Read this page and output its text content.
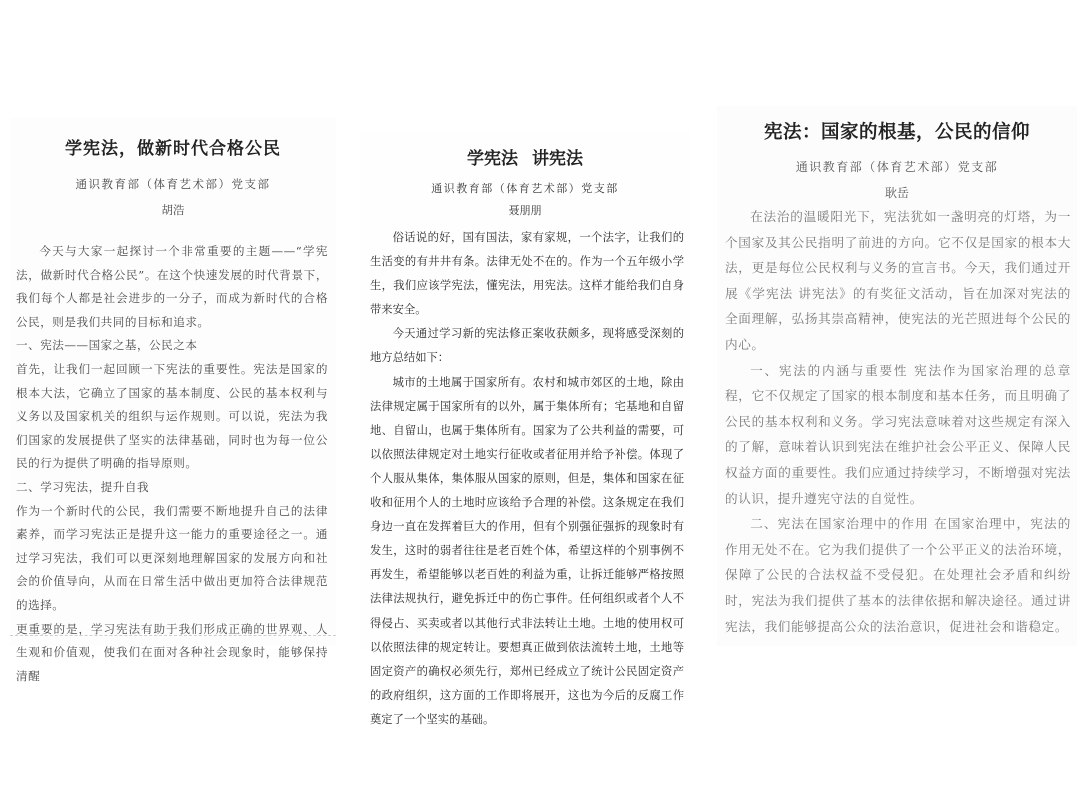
学宪法，做新时代合格公民
通识教育部（体育艺术部）党支部
胡浩

今天与大家一起探讨一个非常重要的主题——“学宪法，做新时代合格公民”。在这个快速发展的时代背景下，我们每个人都是社会进步的一分子，而成为新时代的合格公民，则是我们共同的目标和追求。

一、宪法——国家之基，公民之本

首先，让我们一起回顾一下宪法的重要性。宪法是国家的根本大法，它确立了国家的基本制度、公民的基本权利与义务以及国家机关的组织与运作规则。可以说，宪法为我们国家的发展提供了坚实的法律基础，同时也为每一位公民的行为提供了明确的指导原则。

二、学习宪法，提升自我

作为一个新时代的公民，我们需要不断地提升自己的法律素养，而学习宪法正是提升这一能力的重要途径之一。通过学习宪法，我们可以更深刻地理解国家的发展方向和社会的价值导向，从而在日常生活中做出更加符合法律规范的选择。

更重要的是，学习宪法有助于我们形成正确的世界观、人生观和价值观，使我们在面对各种社会现象时，能够保持清醒

学宪法 讲宪法
通识教育部（体育艺术部）党支部
聂朋朋

俗话说的好，国有国法，家有家规，一个法字，让我们的生活变的有井井有条。法律无处不在的。作为一个五年级小学生，我们应该学宪法，懂宪法，用宪法。这样才能给我们自身带来安全。

今天通过学习新的宪法修正案收获颇多，现将感受深刻的地方总结如下：

城市的土地属于国家所有。农村和城市郊区的土地，除由法律规定属于国家所有的以外，属于集体所有；宅基地和自留地、自留山，也属于集体所有。国家为了公共利益的需要，可以依照法律规定对土地实行征收或者征用并给予补偿。体现了个人服从集体，集体服从国家的原则，但是，集体和国家在征收和征用个人的土地时应该给予合理的补偿。这条规定在我们身边一直在发挥着巨大的作用，但有个别强征强拆的现象时有发生，这时的弱者往往是老百姓个体，希望这样的个别事例不再发生，希望能够以老百姓的利益为重，让拆迁能够严格按照法律法规执行，避免拆迁中的伤亡事件。任何组织或者个人不得侵占、买卖或者以其他行式非法转让土地。土地的使用权可以依照法律的规定转让。要想真正做到依法流转土地，土地等固定资产的确权必须先行，郑州已经成立了统计公民固定资产的政府组织，这方面的工作即将展开，这也为今后的反腐工作奠定了一个坚实的基础。

宪法：国家的根基，公民的信仰
通识教育部（体育艺术部）党支部
耿岳

在法治的温暖阳光下，宪法犹如一盏明亮的灯塔，为一个国家及其公民指明了前进的方向。它不仅是国家的根本大法，更是每位公民权利与义务的宣言书。今天，我们通过开展《学宪法 讲宪法》的有奖征文活动，旨在加深对宪法的全面理解，弘扬其崇高精神，使宪法的光芒照进每个公民的内心。

一、宪法的内涵与重要性 宪法作为国家治理的总章程，它不仅规定了国家的根本制度和基本任务，而且明确了公民的基本权利和义务。学习宪法意味着对这些规定有深入的了解，意味着认识到宪法在维护社会公平正义、保障人民权益方面的重要性。我们应通过持续学习，不断增强对宪法的认识，提升遵宪守法的自觉性。

二、宪法在国家治理中的作用 在国家治理中，宪法的作用无处不在。它为我们提供了一个公平正义的法治环境，保障了公民的合法权益不受侵犯。在处理社会矛盾和纠纷时，宪法为我们提供了基本的法律依据和解决途径。通过讲宪法，我们能够提高公众的法治意识，促进社会和谐稳定。
